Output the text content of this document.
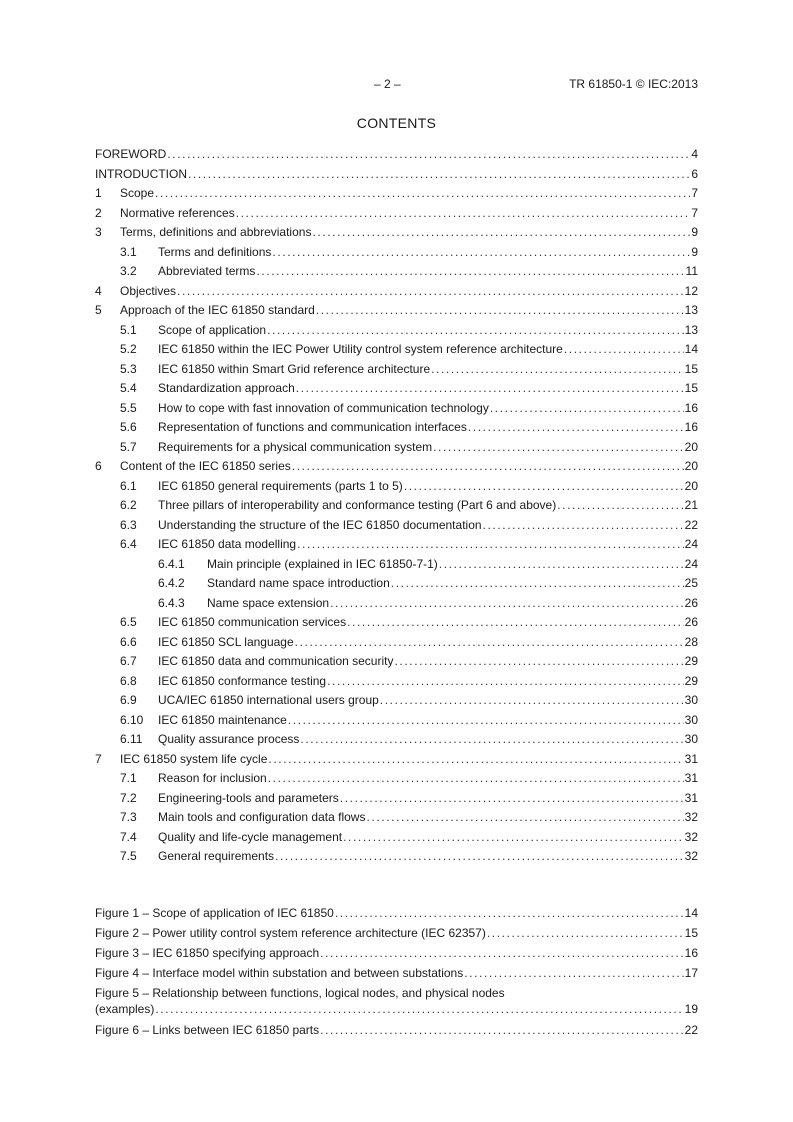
– 2 –	TR 61850-1 © IEC:2013
CONTENTS
FOREWORD .....	4
INTRODUCTION .....	6
1	Scope .....	7
2	Normative references .....	7
3	Terms, definitions and abbreviations .....	9
3.1	Terms and definitions .....	9
3.2	Abbreviated terms .....	11
4	Objectives .....	12
5	Approach of the IEC 61850 standard .....	13
5.1	Scope of application .....	13
5.2	IEC 61850 within the IEC Power Utility control system reference architecture .....	14
5.3	IEC 61850 within Smart Grid reference architecture .....	15
5.4	Standardization approach .....	15
5.5	How to cope with fast innovation of communication technology .....	16
5.6	Representation of functions and communication interfaces .....	16
5.7	Requirements for a physical communication system .....	20
6	Content of the IEC 61850 series .....	20
6.1	IEC 61850 general requirements (parts 1 to 5) .....	20
6.2	Three pillars of interoperability and conformance testing (Part 6 and above) .....	21
6.3	Understanding the structure of the IEC 61850 documentation .....	22
6.4	IEC 61850 data modelling .....	24
6.4.1	Main principle (explained in IEC 61850-7-1) .....	24
6.4.2	Standard name space introduction .....	25
6.4.3	Name space extension .....	26
6.5	IEC 61850 communication services .....	26
6.6	IEC 61850 SCL language .....	28
6.7	IEC 61850 data and communication security .....	29
6.8	IEC 61850 conformance testing .....	29
6.9	UCA/IEC 61850 international users group .....	30
6.10	IEC 61850 maintenance .....	30
6.11	Quality assurance process .....	30
7	IEC 61850 system life cycle .....	31
7.1	Reason for inclusion .....	31
7.2	Engineering-tools and parameters .....	31
7.3	Main tools and configuration data flows .....	32
7.4	Quality and life-cycle management .....	32
7.5	General requirements .....	32
Figure 1 – Scope of application of IEC 61850 .....	14
Figure 2 – Power utility control system reference architecture (IEC 62357) .....	15
Figure 3 – IEC 61850 specifying approach .....	16
Figure 4 – Interface model within substation and between substations .....	17
Figure 5 – Relationship between functions, logical nodes, and physical nodes
(examples) .....	19
Figure 6 – Links between IEC 61850 parts .....	22
